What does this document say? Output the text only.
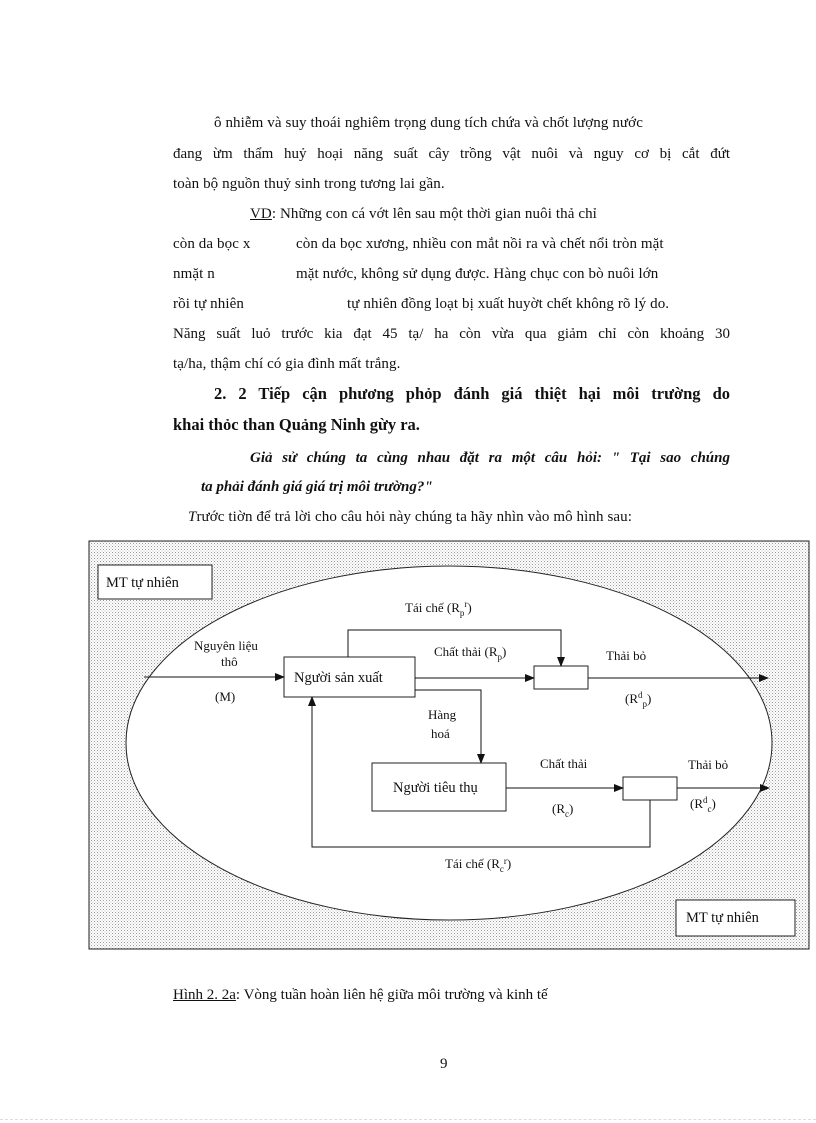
ô nhiễm và suy thoái nghiêm trọng dung tích chứa và chốt lượng nước
đang ừm thẩm huỷ hoại năng suất cây trồng vật nuôi và nguy cơ bị cắt đứt
toàn bộ nguồn thuỷ sinh trong tương lai gần.
VD: Những con cá vớt lên sau một thời gian nuôi thả chỉ
còn da bọc x	còn da bọc xương, nhiều con mắt nồi ra và chết nổi tròn mặt
nmặt n	mặt nước, không sử dụng được. Hàng chục con bò nuôi lớn
rồi tự nhiên	tự nhiên đồng loạt bị xuất huyờt chết không rõ lý do.
Năng suất luỏ trước kia đạt 45 tạ/ ha còn vừa qua giảm chỉ còn khoảng 30
tạ/ha, thậm chí có gia đình mất trắng.
2. 2 Tiếp cận phương phỏp đánh giá thiệt hại môi trường do
khai thỏc than Quảng Ninh gừy ra.
Giả sử chúng ta cùng nhau đặt ra một câu hỏi: " Tại sao chúng
ta phải đánh giá giá trị môi trường?"
Trước tiờn để trả lời cho câu hỏi này chúng ta hãy nhìn vào mô hình sau:
MT tự nhiên
MT tự nhiên
Người sản xuất
Người tiêu thụ
Nguyên liệu
thô
(M)
Tái chế $(R_p^r)$
Chất thải $(R_p)$	Thải bỏ
$(R^d_p)$
Hàng
hoá
Chất thải
$(R_c)$
Thải bỏ
$(R^d_c)$
Tái chế $(R_c^r)$
Hình 2. 2a: Vòng tuần hoàn liên hệ giữa môi trường và kinh tế
9
